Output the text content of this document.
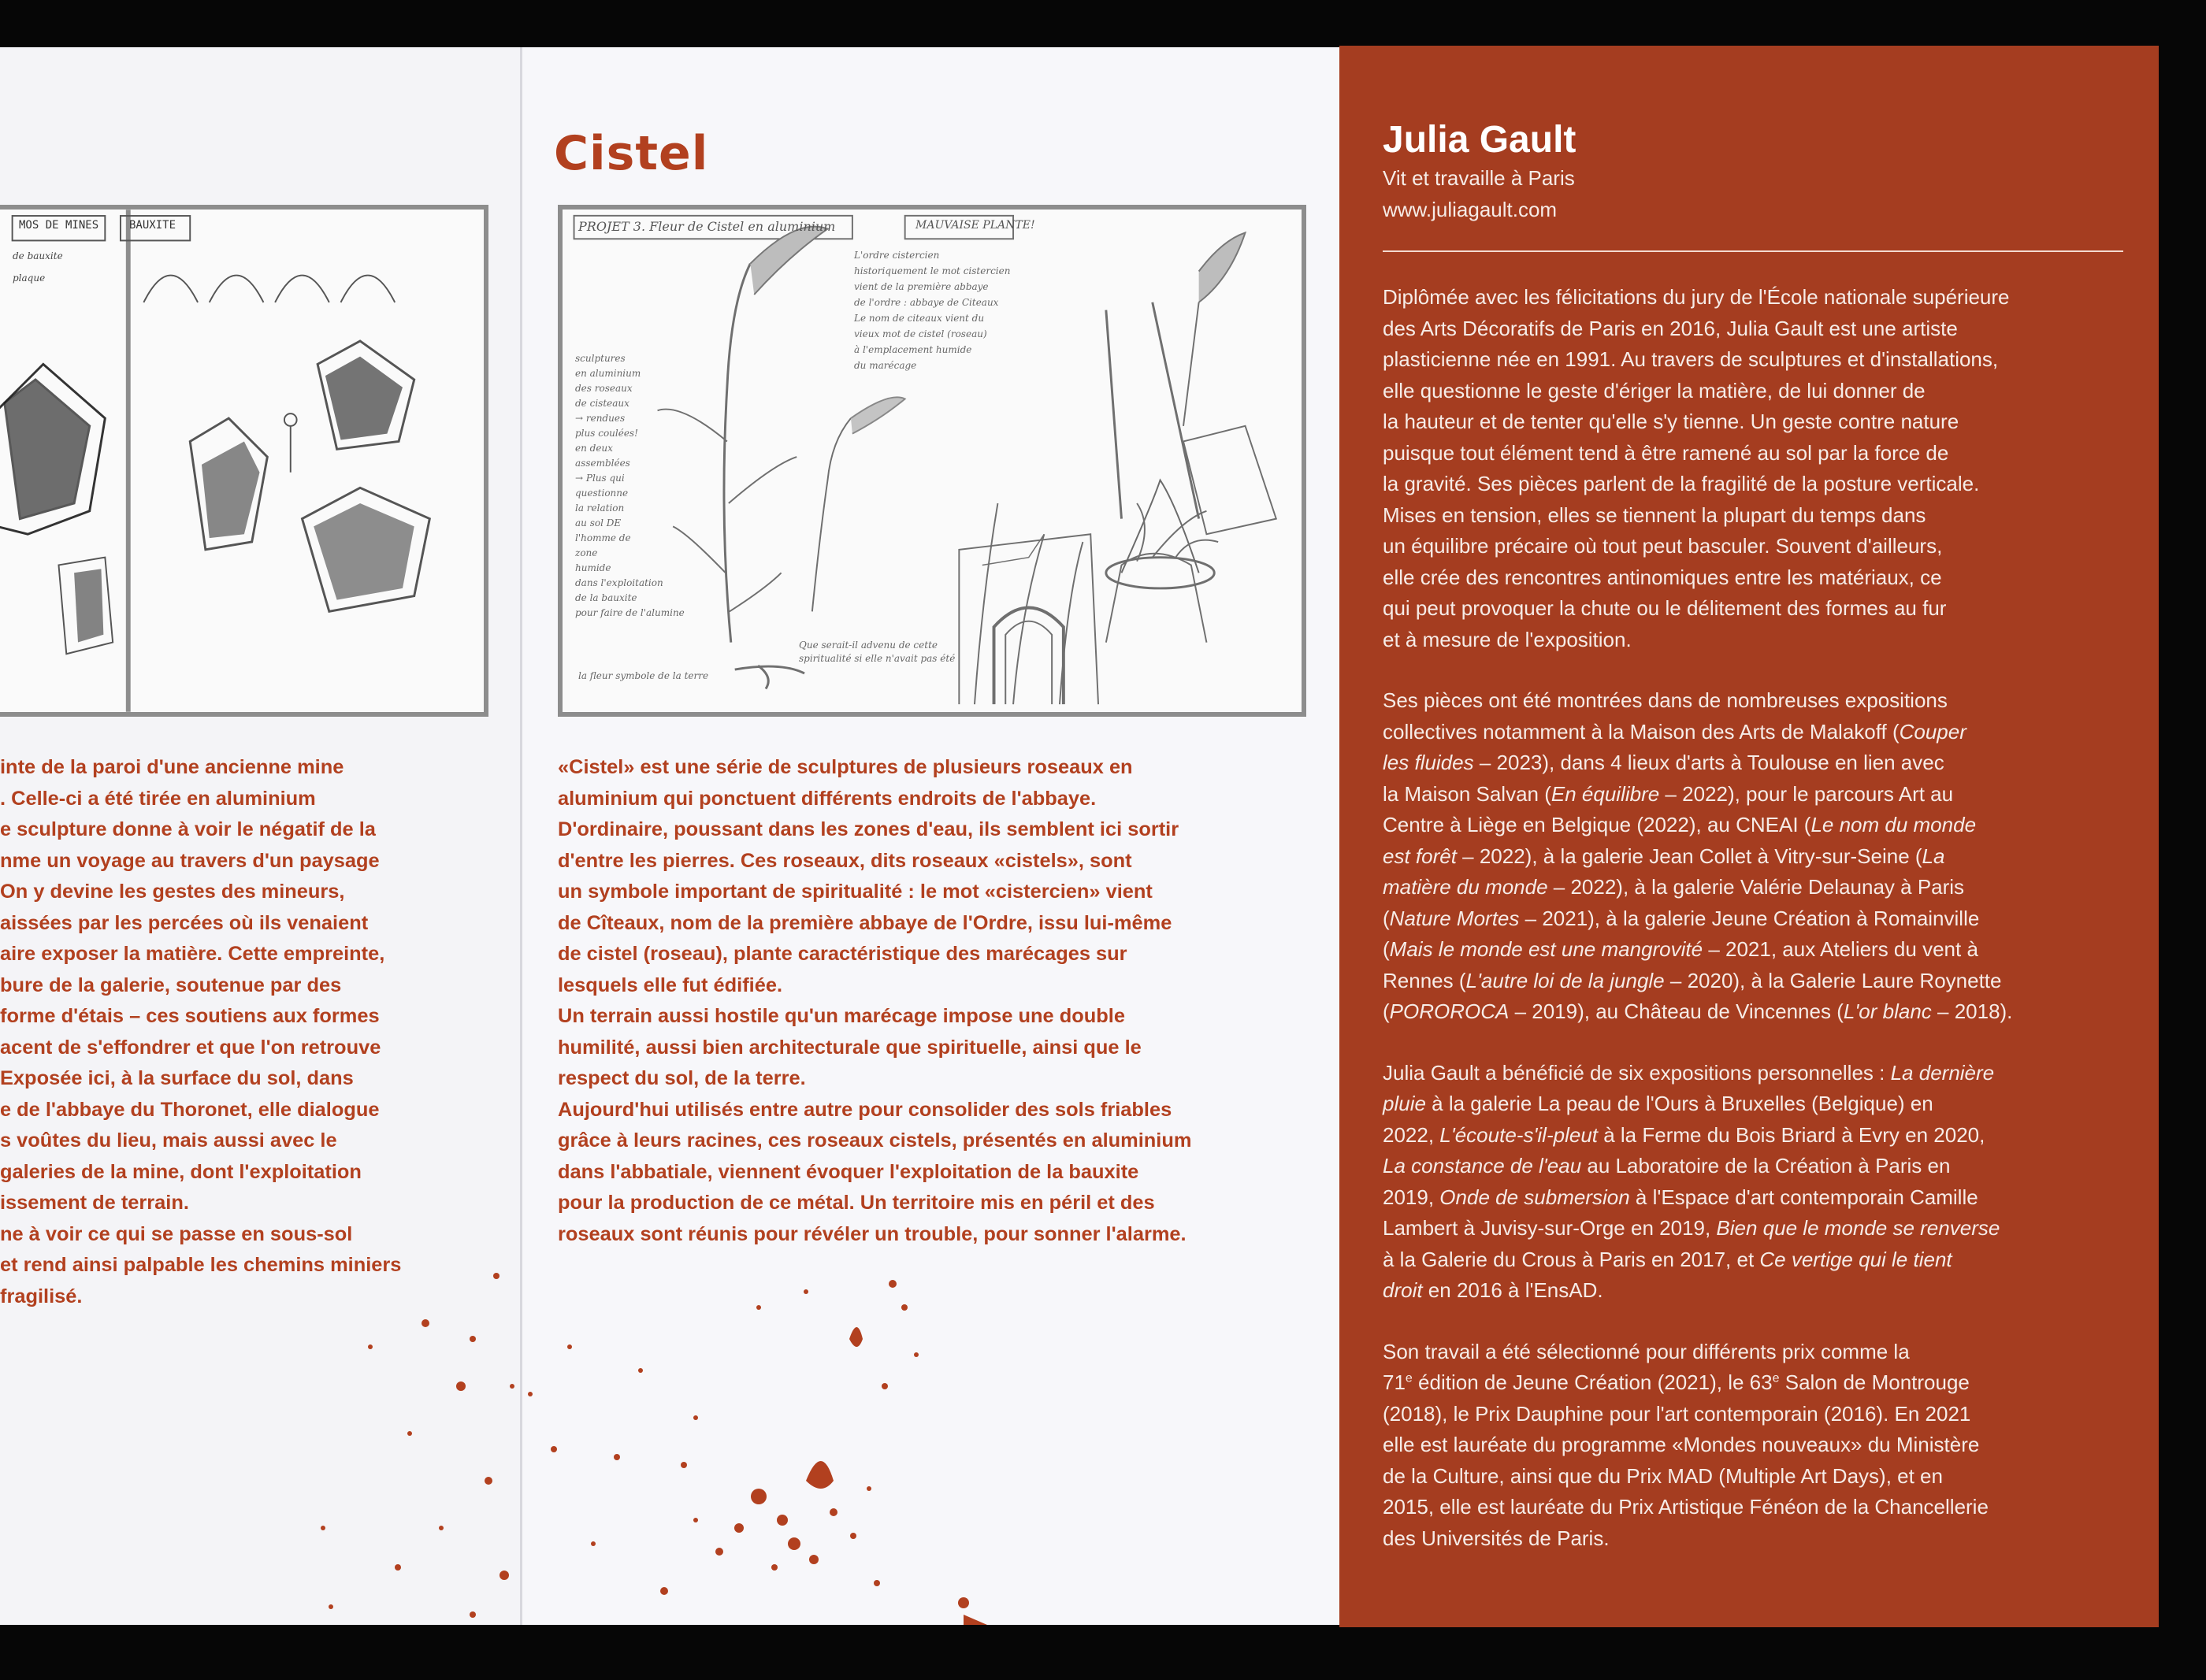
MOS DE MINES	BAUXITE
de bauxite
plaque

inte de la paroi d'une ancienne mine

. Celle-ci a été tirée en aluminium

e sculpture donne à voir le négatif de la

nme un voyage au travers d'un paysage

On y devine les gestes des mineurs,

aissées par les percées où ils venaient

aire exposer la matière. Cette empreinte,

bure de la galerie, soutenue par des

forme d'étais – ces soutiens aux formes

acent de s'effondrer et que l'on retrouve

Exposée ici, à la surface du sol, dans

e de l'abbaye du Thoronet, elle dialogue

s voûtes du lieu, mais aussi avec le

galeries de la mine, dont l'exploitation

issement de terrain.

ne à voir ce qui se passe en sous-sol

et rend ainsi palpable les chemins miniers

fragilisé.

Cistel
PROJET 3. Fleur de Cistel en aluminium	MAUVAISE PLANTE!
sculptures
en aluminium
des roseaux
de cisteaux
→ rendues
plus coulées!
en deux
assemblées
→ Plus qui
questionne
la relation
au sol DE
l'homme de
zone
humide
dans l'exploitation
de la bauxite
pour faire de l'alumine
L'ordre cistercien
historiquement le mot cistercien
vient de la première abbaye
de l'ordre : abbaye de Citeaux
Le nom de citeaux vient du
vieux mot de cistel (roseau)
à l'emplacement humide
du marécage
Que serait-il advenu de cette spiritualité si elle n'avait pas été
la fleur symbole de la terre

«Cistel» est une série de sculptures de plusieurs roseaux en

aluminium qui ponctuent différents endroits de l'abbaye.

D'ordinaire, poussant dans les zones d'eau, ils semblent ici sortir

d'entre les pierres. Ces roseaux, dits roseaux «cistels», sont

un symbole important de spiritualité : le mot «cistercien» vient

de Cîteaux, nom de la première abbaye de l'Ordre, issu lui-même

de cistel (roseau), plante caractéristique des marécages sur

lesquels elle fut édifiée.

Un terrain aussi hostile qu'un marécage impose une double

humilité, aussi bien architecturale que spirituelle, ainsi que le

respect du sol, de la terre.

Aujourd'hui utilisés entre autre pour consolider des sols friables

grâce à leurs racines, ces roseaux cistels, présentés en aluminium

dans l'abbatiale, viennent évoquer l'exploitation de la bauxite

pour la production de ce métal. Un territoire mis en péril et des

roseaux sont réunis pour révéler un trouble, pour sonner l'alarme.

Julia Gault
Vit et travaille à Paris
www.juliagault.com

Diplômée avec les félicitations du jury de l'École nationale supérieure
des Arts Décoratifs de Paris en 2016, Julia Gault est une artiste
plasticienne née en 1991. Au travers de sculptures et d'installations,
elle questionne le geste d'ériger la matière, de lui donner de
la hauteur et de tenter qu'elle s'y tienne. Un geste contre nature
puisque tout élément tend à être ramené au sol par la force de
la gravité. Ses pièces parlent de la fragilité de la posture verticale.
Mises en tension, elles se tiennent la plupart du temps dans
un équilibre précaire où tout peut basculer. Souvent d'ailleurs,
elle crée des rencontres antinomiques entre les matériaux, ce
qui peut provoquer la chute ou le délitement des formes au fur
et à mesure de l'exposition.

Ses pièces ont été montrées dans de nombreuses expositions
collectives notamment à la Maison des Arts de Malakoff (Couper
les fluides – 2023), dans 4 lieux d'arts à Toulouse en lien avec
la Maison Salvan (En équilibre – 2022), pour le parcours Art au
Centre à Liège en Belgique (2022), au CNEAI (Le nom du monde
est forêt – 2022), à la galerie Jean Collet à Vitry-sur-Seine (La
matière du monde – 2022), à la galerie Valérie Delaunay à Paris
(Nature Mortes – 2021), à la galerie Jeune Création à Romainville
(Mais le monde est une mangrovité – 2021, aux Ateliers du vent à
Rennes (L'autre loi de la jungle – 2020), à la Galerie Laure Roynette
(POROROCA – 2019), au Château de Vincennes (L'or blanc – 2018).

Julia Gault a bénéficié de six expositions personnelles : La dernière
pluie à la galerie La peau de l'Ours à Bruxelles (Belgique) en
2022, L'écoute-s'il-pleut à la Ferme du Bois Briard à Evry en 2020,
La constance de l'eau au Laboratoire de la Création à Paris en
2019, Onde de submersion à l'Espace d'art contemporain Camille
Lambert à Juvisy-sur-Orge en 2019, Bien que le monde se renverse
à la Galerie du Crous à Paris en 2017, et Ce vertige qui le tient
droit en 2016 à l'EnsAD.

Son travail a été sélectionné pour différents prix comme la
71e édition de Jeune Création (2021), le 63e Salon de Montrouge
(2018), le Prix Dauphine pour l'art contemporain (2016). En 2021
elle est lauréate du programme «Mondes nouveaux» du Ministère
de la Culture, ainsi que du Prix MAD (Multiple Art Days), et en
2015, elle est lauréate du Prix Artistique Fénéon de la Chancellerie
des Universités de Paris.
